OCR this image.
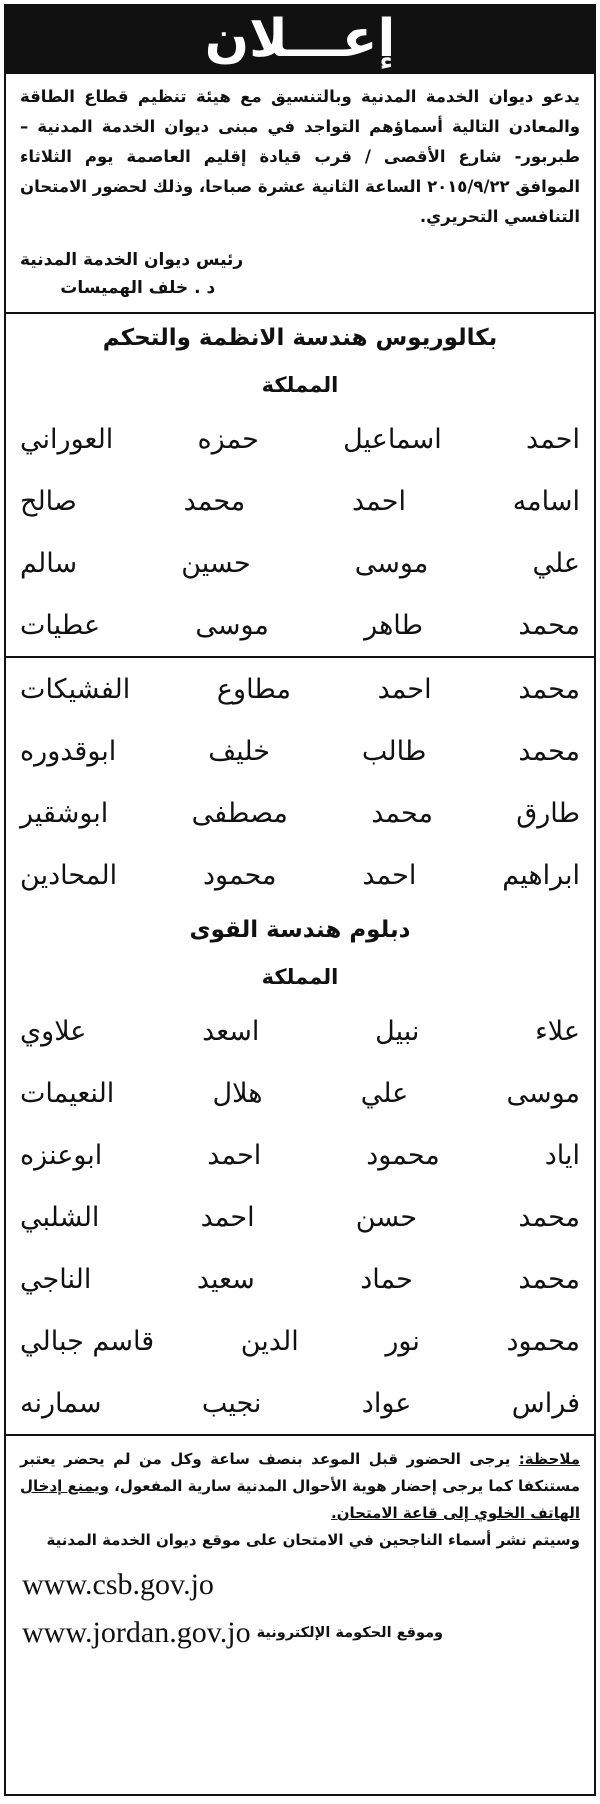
إعـــلان
يدعو ديوان الخدمة المدنية وبالتنسيق مع هيئة تنظيم قطاع الطاقة والمعادن التالية أسماؤهم التواجد في مبنى ديوان الخدمة المدنية – طبربور- شارع الأقصى / قرب قيادة إقليم العاصمة يوم الثلاثاء الموافق ٢٠١٥/٩/٢٢ الساعة الثانية عشرة صباحا، وذلك لحضور الامتحان التنافسي التحريري.
رئيس ديوان الخدمة المدنية
د . خلف الهميسات
بكالوريوس هندسة الانظمة والتحكم
المملكة
احمد
اسماعيل
حمزه
العوراني
اسامه
احمد
محمد
صالح
علي
موسى
حسين
سالم
محمد
طاهر
موسى
عطيات
محمد
احمد
مطاوع
الفشيكات
محمد
طالب
خليف
ابوقدوره
طارق
محمد
مصطفى
ابوشقير
ابراهيم
احمد
محمود
المحادين
دبلوم هندسة القوى
المملكة
علاء
نبيل
اسعد
علاوي
موسى
علي
هلال
النعيمات
اياد
محمود
احمد
ابوعنزه
محمد
حسن
احمد
الشلبي
محمد
حماد
سعيد
الناجي
محمود
نور
الدين
قاسم جبالي
فراس
عواد
نجيب
سمارنه
ملاحظة: يرجى الحضور قبل الموعد بنصف ساعة وكل من لم يحضر يعتبر مستنكفا كما يرجى إحضار هوية الأحوال المدنية سارية المفعول، ويمنع إدخال الهاتف الخلوي إلى قاعة الامتحان.
وسيتم نشر أسماء الناجحين في الامتحان على موقع ديوان الخدمة المدنية
www.csb.gov.jo
وموقع الحكومة الإلكترونية
www.jordan.gov.jo
